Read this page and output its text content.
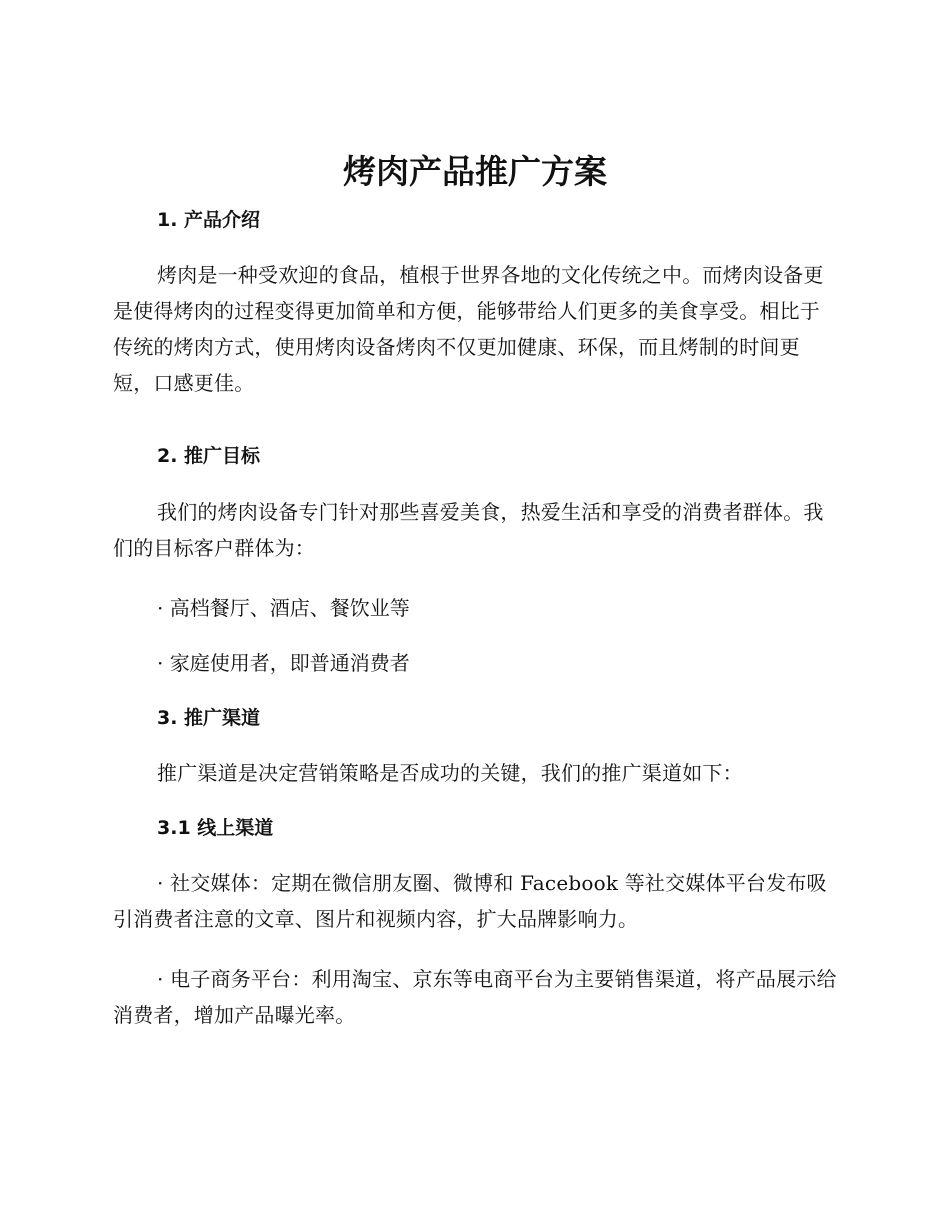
烤肉产品推广方案
1. 产品介绍

烤肉是一种受欢迎的食品，植根于世界各地的文化传统之中。而烤肉设备更是使得烤肉的过程变得更加简单和方便，能够带给人们更多的美食享受。相比于传统的烤肉方式，使用烤肉设备烤肉不仅更加健康、环保，而且烤制的时间更短，口感更佳。

2. 推广目标

我们的烤肉设备专门针对那些喜爱美食，热爱生活和享受的消费者群体。我们的目标客户群体为：

· 高档餐厅、酒店、餐饮业等

· 家庭使用者，即普通消费者

3. 推广渠道

推广渠道是决定营销策略是否成功的关键，我们的推广渠道如下：

3.1 线上渠道

· 社交媒体：定期在微信朋友圈、微博和 Facebook 等社交媒体平台发布吸引消费者注意的文章、图片和视频内容，扩大品牌影响力。

· 电子商务平台：利用淘宝、京东等电商平台为主要销售渠道，将产品展示给消费者，增加产品曝光率。
